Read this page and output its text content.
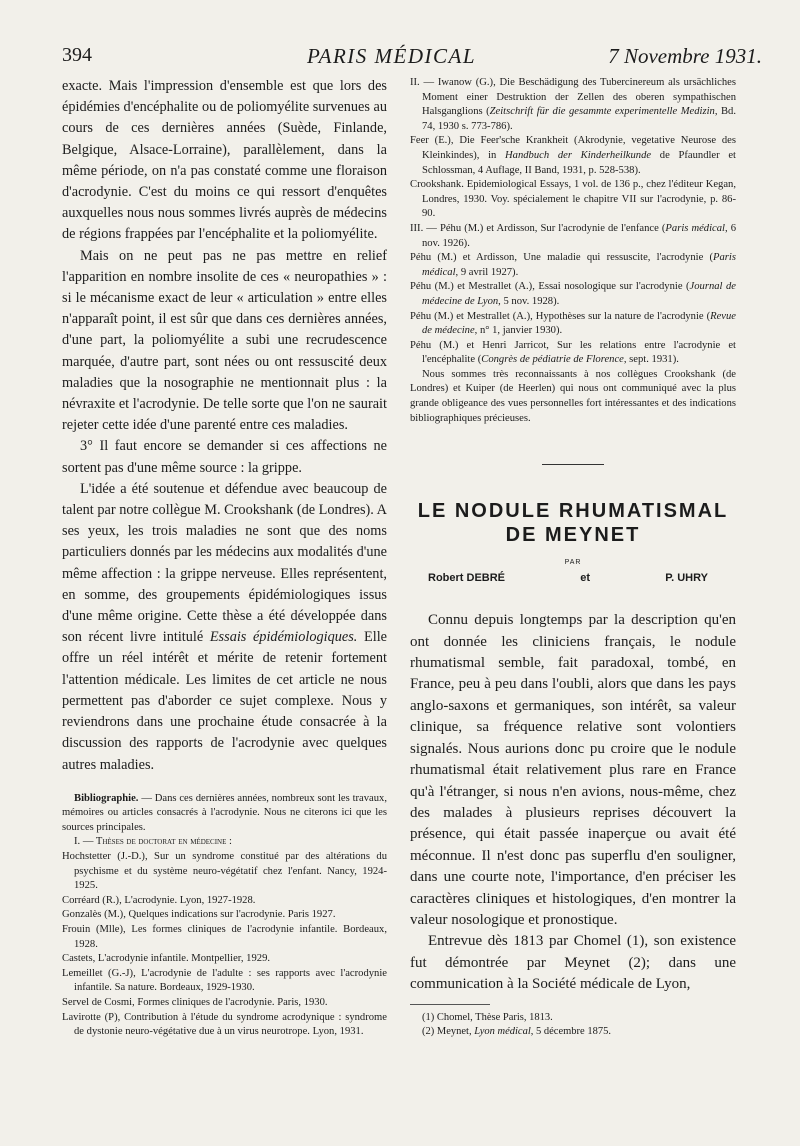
394	PARIS MÉDICAL	7 Novembre 1931.

exacte. Mais l'impression d'ensemble est que lors des épidémies d'encéphalite ou de poliomyélite survenues au cours de ces dernières années (Suède, Finlande, Belgique, Alsace-Lorraine), parallèlement, dans la même période, on n'a pas constaté comme une floraison d'acrodynie. C'est du moins ce qui ressort d'enquêtes auxquelles nous nous sommes livrés auprès de médecins de régions frappées par l'encéphalite et la poliomyélite.

Mais on ne peut pas ne pas mettre en relief l'apparition en nombre insolite de ces « neuropathies » : si le mécanisme exact de leur « articulation » entre elles n'apparaît point, il est sûr que dans ces dernières années, d'une part, la poliomyélite a subi une recrudescence marquée, d'autre part, sont nées ou ont ressuscité deux maladies que la nosographie ne mentionnait plus : la névraxite et l'acrodynie. De telle sorte que l'on ne saurait rejeter cette idée d'une parenté entre ces maladies.

3° Il faut encore se demander si ces affections ne sortent pas d'une même source : la grippe.

L'idée a été soutenue et défendue avec beaucoup de talent par notre collègue M. Crookshank (de Londres). A ses yeux, les trois maladies ne sont que des noms particuliers donnés par les médecins aux modalités d'une même affection : la grippe nerveuse. Elles représentent, en somme, des groupements épidémiologiques issus d'une même origine. Cette thèse a été développée dans son récent livre intitulé Essais épidémiologiques. Elle offre un réel intérêt et mérite de retenir fortement l'attention médicale. Les limites de cet article ne nous permettent pas d'aborder ce sujet complexe. Nous y reviendrons dans une prochaine étude consacrée à la discussion des rapports de l'acrodynie avec quelques autres maladies.

Bibliographie. — Dans ces dernières années, nombreux sont les travaux, mémoires ou articles consacrés à l'acrodynie. Nous ne citerons ici que les sources principales.

I. — Thèses de doctorat en médecine :

Hochstetter (J.-D.), Sur un syndrome constitué par des altérations du psychisme et du système neuro-végétatif chez l'enfant. Nancy, 1924-1925.

Corréard (R.), L'acrodynie. Lyon, 1927-1928.

Gonzalès (M.), Quelques indications sur l'acrodynie. Paris 1927.

Frouin (Mlle), Les formes cliniques de l'acrodynie infantile. Bordeaux, 1928.

Castets, L'acrodynie infantile. Montpellier, 1929.

Lemeillet (G.-J), L'acrodynie de l'adulte : ses rapports avec l'acrodynie infantile. Sa nature. Bordeaux, 1929-1930.

Servel de Cosmi, Formes cliniques de l'acrodynie. Paris, 1930.

Lavirotte (P), Contribution à l'étude du syndrome acrodynique : syndrome de dystonie neuro-végétative due à un virus neurotrope. Lyon, 1931.

II. — Iwanow (G.), Die Beschädigung des Tubercinereum als ursächliches Moment einer Destruktion der Zellen des oberen sympathischen Halsganglions (Zeitschrift für die gesammte experimentelle Medizin, Bd. 74, 1930 s. 773-786).

Feer (E.), Die Feer'sche Krankheit (Akrodynie, vegetative Neurose des Kleinkindes), in Handbuch der Kinderheilkunde de Pfaundler et Schlossman, 4 Auflage, II Band, 1931, p. 528-538).

Crookshank. Epidemiological Essays, 1 vol. de 136 p., chez l'éditeur Kegan, Londres, 1930. Voy. spécialement le chapitre VII sur l'acrodynie, p. 86-90.

III. — Péhu (M.) et Ardisson, Sur l'acrodynie de l'enfance (Paris médical, 6 nov. 1926).

Péhu (M.) et Ardisson, Une maladie qui ressuscite, l'acrodynie (Paris médical, 9 avril 1927).

Péhu (M.) et Mestrallet (A.), Essai nosologique sur l'acrodynie (Journal de médecine de Lyon, 5 nov. 1928).

Péhu (M.) et Mestrallet (A.), Hypothèses sur la nature de l'acrodynie (Revue de médecine, n° 1, janvier 1930).

Péhu (M.) et Henri Jarricot, Sur les relations entre l'acrodynie et l'encéphalite (Congrès de pédiatrie de Florence, sept. 1931).

Nous sommes très reconnaissants à nos collègues Crookshank (de Londres) et Kuiper (de Heerlen) qui nous ont communiqué avec la plus grande obligeance des vues personnelles fort intéressantes et des indications bibliographiques précieuses.

LE NODULE RHUMATISMAL
DE MEYNET

PAR
Robert DEBRÉ	et	P. UHRY

Connu depuis longtemps par la description qu'en ont donnée les cliniciens français, le nodule rhumatismal semble, fait paradoxal, tombé, en France, peu à peu dans l'oubli, alors que dans les pays anglo-saxons et germaniques, son intérêt, sa valeur clinique, sa fréquence relative sont volontiers signalés. Nous aurions donc pu croire que le nodule rhumatismal était relativement plus rare en France qu'à l'étranger, si nous n'en avions, nous-même, chez des malades à plusieurs reprises découvert la présence, qui était passée inaperçue ou avait été méconnue. Il n'est donc pas superflu d'en souligner, dans une courte note, l'importance, d'en préciser les caractères cliniques et histologiques, d'en montrer la valeur nosologique et pronostique.

Entrevue dès 1813 par Chomel (1), son existence fut démontrée par Meynet (2); dans une communication à la Société médicale de Lyon,

(1) Chomel, Thèse Paris, 1813.

(2) Meynet, Lyon médical, 5 décembre 1875.
